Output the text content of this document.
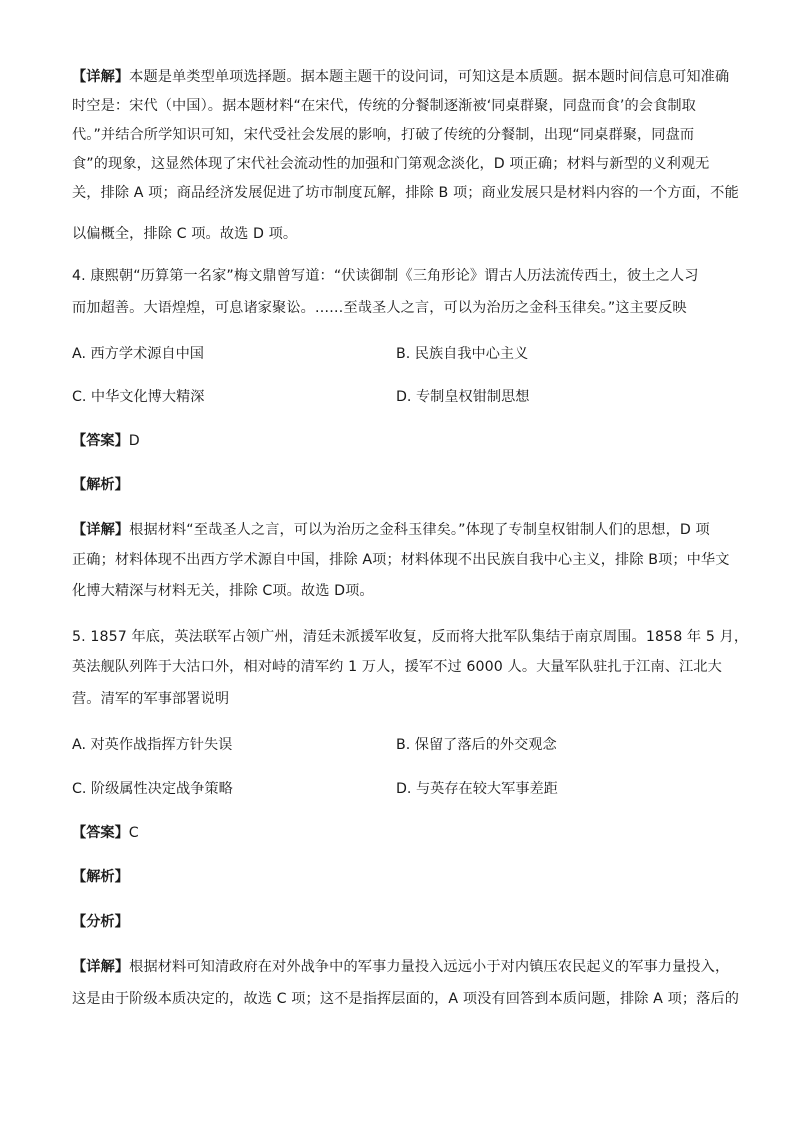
【详解】本题是单类型单项选择题。据本题主题干的设问词，可知这是本质题。据本题时间信息可知准确
时空是：宋代（中国）。据本题材料“在宋代，传统的分餐制逐渐被‘同桌群聚，同盘而食’的会食制取
代。”并结合所学知识可知，宋代受社会发展的影响，打破了传统的分餐制，出现“同桌群聚，同盘而
食”的现象，这显然体现了宋代社会流动性的加强和门第观念淡化，D 项正确；材料与新型的义利观无
关，排除 A 项；商品经济发展促进了坊市制度瓦解，排除 B 项；商业发展只是材料内容的一个方面，不能
以偏概全，排除 C 项。故选 D 项。
4. 康熙朝“历算第一名家”梅文鼎曾写道：“伏读御制《三角形论》谓古人历法流传西土，彼土之人习
而加超善。大语煌煌，可息诸家聚讼。……至哉圣人之言，可以为治历之金科玉律矣。”这主要反映
A. 西方学术源自中国	B. 民族自我中心主义
C. 中华文化博大精深	D. 专制皇权钳制思想
【答案】D
【解析】
【详解】根据材料“至哉圣人之言，可以为治历之金科玉律矣。”体现了专制皇权钳制人们的思想，D 项
正确；材料体现不出西方学术源自中国，排除 A项；材料体现不出民族自我中心主义，排除 B项；中华文
化博大精深与材料无关，排除 C项。故选 D项。
5. 1857 年底，英法联军占领广州，清廷未派援军收复，反而将大批军队集结于南京周围。1858 年 5 月，
英法舰队列阵于大沽口外，相对峙的清军约 1 万人，援军不过 6000 人。大量军队驻扎于江南、江北大
营。清军的军事部署说明
A. 对英作战指挥方针失误	B. 保留了落后的外交观念
C. 阶级属性决定战争策略	D. 与英存在较大军事差距
【答案】C
【解析】
【分析】
【详解】根据材料可知清政府在对外战争中的军事力量投入远远小于对内镇压农民起义的军事力量投入，
这是由于阶级本质决定的，故选 C 项；这不是指挥层面的，A 项没有回答到本质问题，排除 A 项；落后的
